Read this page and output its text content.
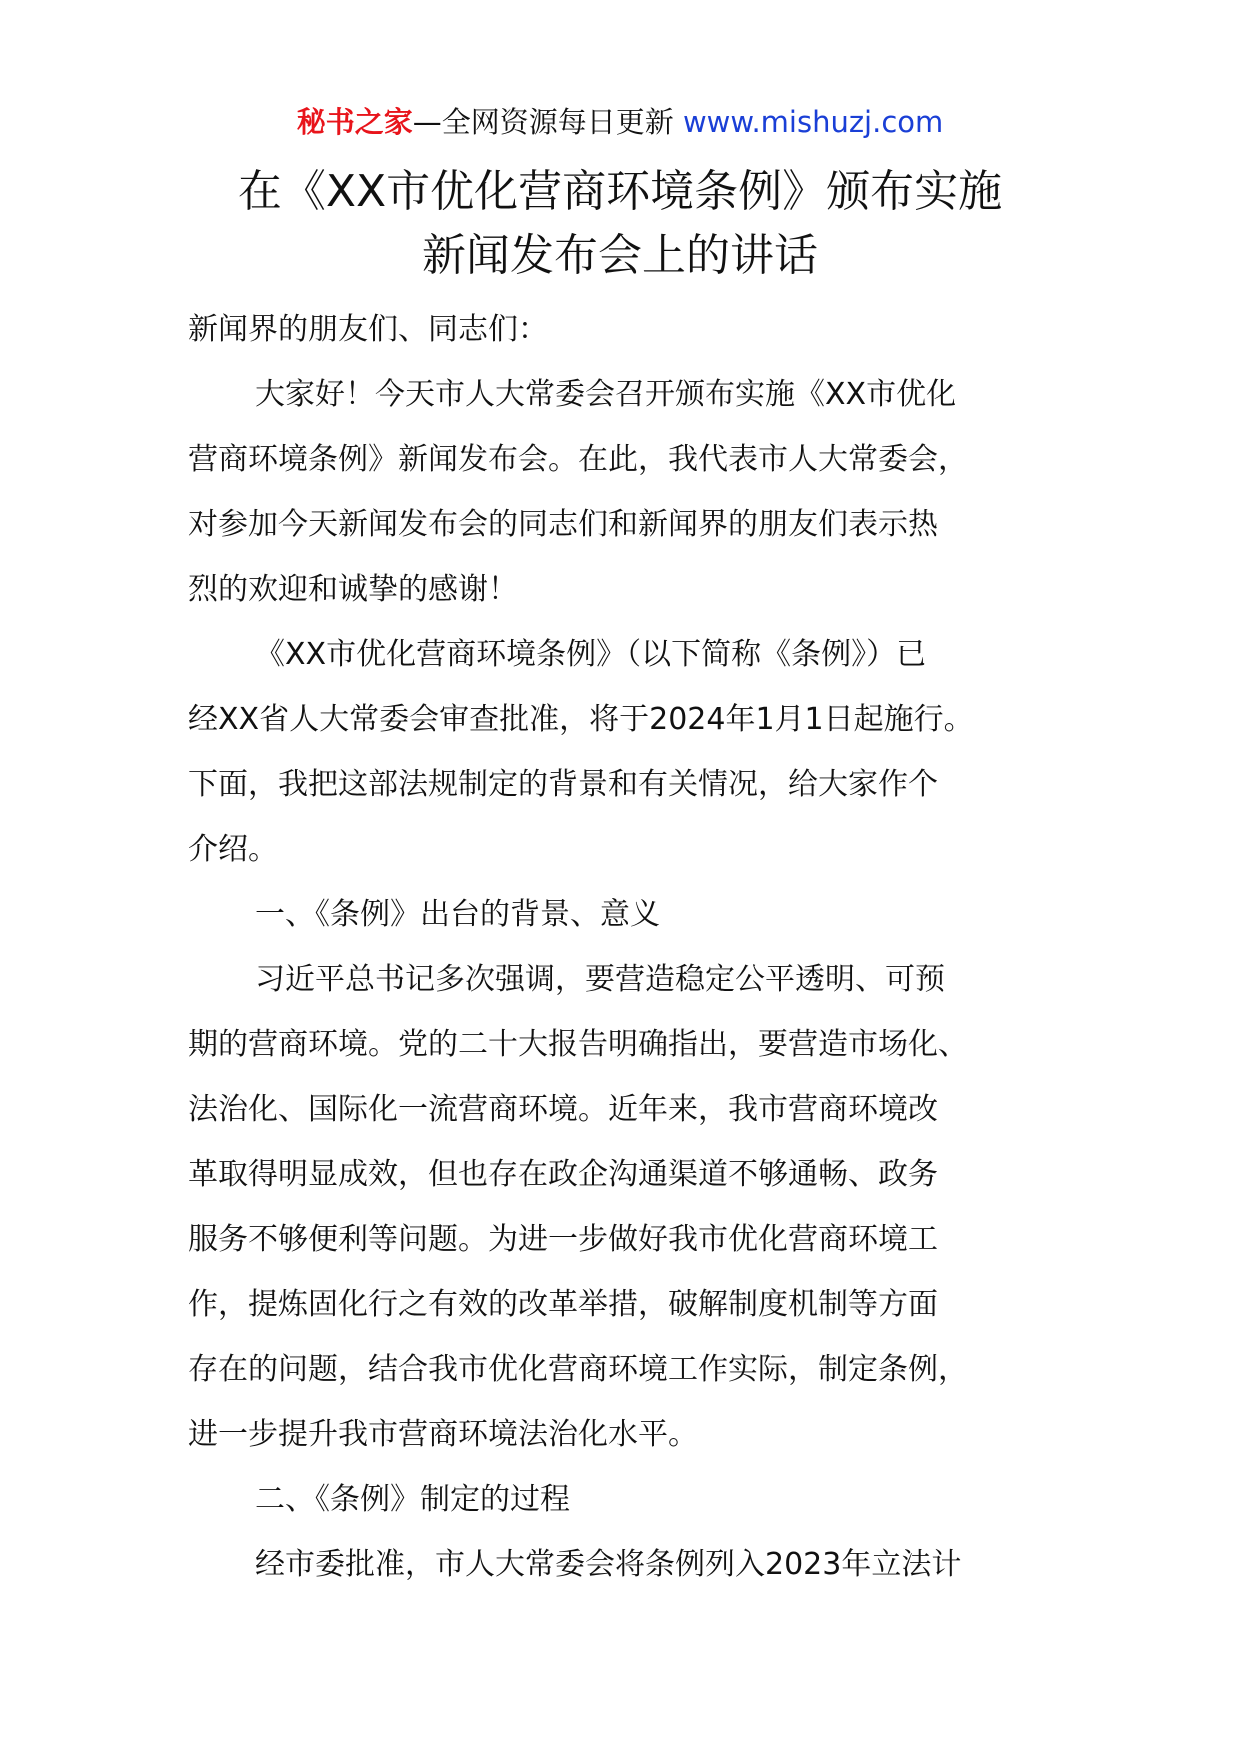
秘书之家—全网资源每日更新 www.mishuzj.com
在《XX市优化营商环境条例》颁布实施
新闻发布会上的讲话
新闻界的朋友们、同志们：
大家好！今天市人大常委会召开颁布实施《XX市优化
营商环境条例》新闻发布会。在此，我代表市人大常委会，
对参加今天新闻发布会的同志们和新闻界的朋友们表示热
烈的欢迎和诚挚的感谢！
《XX市优化营商环境条例》（以下简称《条例》）已
经XX省人大常委会审查批准，将于2024年1月1日起施行。
下面，我把这部法规制定的背景和有关情况，给大家作个
介绍。
一、《条例》出台的背景、意义
习近平总书记多次强调，要营造稳定公平透明、可预
期的营商环境。党的二十大报告明确指出，要营造市场化、
法治化、国际化一流营商环境。近年来，我市营商环境改
革取得明显成效，但也存在政企沟通渠道不够通畅、政务
服务不够便利等问题。为进一步做好我市优化营商环境工
作，提炼固化行之有效的改革举措，破解制度机制等方面
存在的问题，结合我市优化营商环境工作实际，制定条例，
进一步提升我市营商环境法治化水平。
二、《条例》制定的过程
经市委批准，市人大常委会将条例列入2023年立法计
